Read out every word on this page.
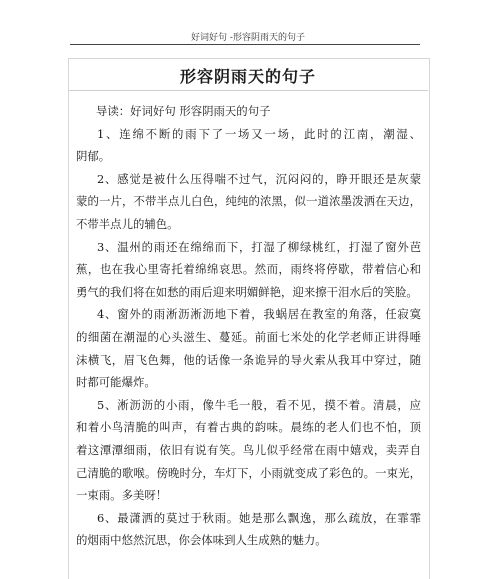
好词好句 -形容阴雨天的句子
形容阴雨天的句子
导读：好词好句 形容阴雨天的句子
1、连绵不断的雨下了一场又一场，此时的江南，潮湿、
阴郁。
2、感觉是被什么压得喘不过气，沉闷闷的，睁开眼还是灰蒙
蒙的一片，不带半点儿白色，纯纯的浓黑，似一道浓墨泼洒在天边，
不带半点儿的辅色。
3、温州的雨还在绵绵而下，打湿了柳绿桃红，打湿了窗外芭
蕉，也在我心里寄托着绵绵哀思。然而，雨终将停歇，带着信心和
勇气的我们将在如愁的雨后迎来明媚鲜艳，迎来擦干泪水后的笑脸。
4、窗外的雨淅沥淅沥地下着，我蜗居在教室的角落，任寂寞
的细菌在潮湿的心头滋生、蔓延。前面七米处的化学老师正讲得唾
沫横飞，眉飞色舞，他的话像一条诡异的导火索从我耳中穿过，随
时都可能爆炸。
5、淅沥沥的小雨，像牛毛一般，看不见，摸不着。清晨，应
和着小鸟清脆的叫声，有着古典的韵味。晨练的老人们也不怕，顶
着这潭潭细雨，依旧有说有笑。鸟儿似乎经常在雨中嬉戏，卖弄自
己清脆的歌喉。傍晚时分，车灯下，小雨就变成了彩色的。一束光，
一束雨。多美呀！
6、最潇洒的莫过于秋雨。她是那么飘逸，那么疏放，在霏霏
的烟雨中悠然沉思，你会体味到人生成熟的魅力。
